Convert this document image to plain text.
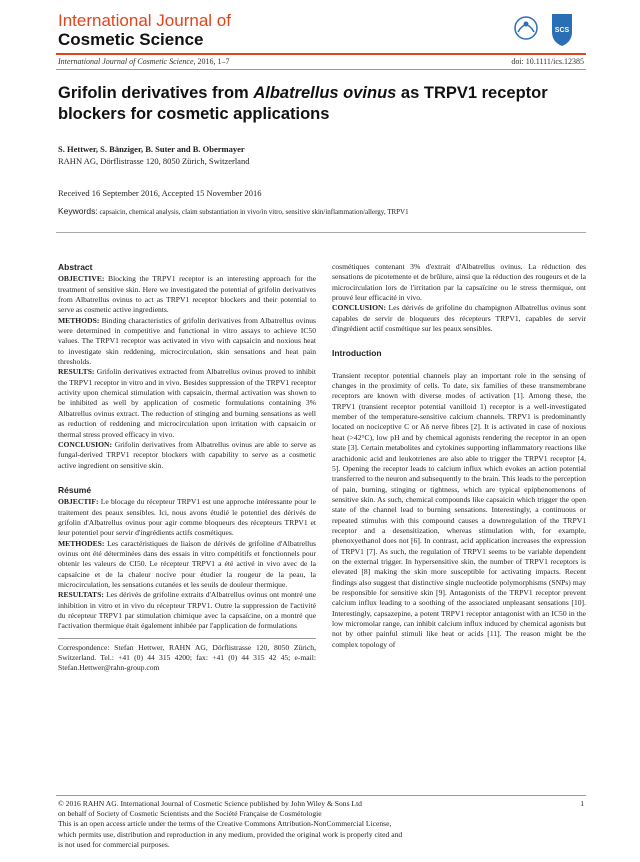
International Journal of
Cosmetic Science	SCS
International Journal of Cosmetic Science, 2016, 1–7	doi: 10.1111/ics.12385
Grifolin derivatives from Albatrellus ovinus as TRPV1 receptor blockers for cosmetic applications
S. Hettwer, S. Bänziger, B. Suter and B. Obermayer
RAHN AG, Dörflistrasse 120, 8050 Zürich, Switzerland
Received 16 September 2016, Accepted 15 November 2016
Keywords: capsaicin, chemical analysis, claim substantiation in vivo/in vitro, sensitive skin/inflammation/allergy, TRPV1
Abstract

OBJECTIVE: Blocking the TRPV1 receptor is an interesting approach for the treatment of sensitive skin. Here we investigated the potential of grifolin derivatives from Albatrellus ovinus to act as TRPV1 receptor blockers and their potential to serve as cosmetic active ingredients.

METHODS: Binding characteristics of grifolin derivatives from Albatrellus ovinus were determined in competitive and functional in vitro assays to achieve IC50 values. The TRPV1 receptor was activated in vivo with capsaicin and noxious heat to investigate skin reddening, microcirculation, skin sensations and heat pain thresholds.

RESULTS: Grifolin derivatives extracted from Albatrellus ovinus proved to inhibit the TRPV1 receptor in vitro and in vivo. Besides suppression of the TRPV1 receptor activity upon chemical stimulation with capsaicin, thermal activation was shown to be inhibited as well by application of cosmetic formulations containing 3% Albatrellus ovinus extract. The reduction of stinging and burning sensations as well as reduction of reddening and microcirculation upon irritation with capsaicin or thermal stress proved efficacy in vivo.

CONCLUSION: Grifolin derivatives from Albatrellus ovinus are able to serve as fungal-derived TRPV1 receptor blockers with capability to serve as a cosmetic active ingredient on sensitive skin.

Résumé

OBJECTIF: Le blocage du récepteur TRPV1 est une approche intéressante pour le traitement des peaux sensibles. Ici, nous avons étudié le potentiel des dérivés de grifolin d'Albatrellus ovinus pour agir comme bloqueurs des récepteurs TRPV1 et leur potentiel pour servir d'ingrédients actifs cosmétiques.

METHODES: Les caractéristiques de liaison de dérivés de grifoline d'Albatrellus ovinus ont été déterminées dans des essais in vitro compétitifs et fonctionnels pour obtenir les valeurs de CI50. Le récepteur TRPV1 a été activé in vivo avec de la capsaïcine et de la chaleur nocive pour étudier la rougeur de la peau, la microcirculation, les sensations cutanées et les seuils de douleur thermique.

RESULTATS: Les dérivés de grifoline extraits d'Albatrellus ovinus ont montré une inhibition in vitro et in vivo du récepteur TRPV1. Outre la suppression de l'activité du récepteur TRPV1 par stimulation chimique avec la capsaïcine, on a montré que l'activation thermique était également inhibée par l'application de formulations

Correspondence: Stefan Hettwer, RAHN AG, Dörflistrasse 120, 8050 Zürich, Switzerland. Tel.: +41 (0) 44 315 4200; fax: +41 (0) 44 315 42 45; e-mail: Stefan.Hettwer@rahn-group.com

cosmétiques contenant 3% d'extrait d'Albatrellus ovinus. La réduction des sensations de picotemente et de brûlure, ainsi que la réduction des rougeurs et de la microcirculation lors de l'irritation par la capsaïcine ou le stress thermique, ont prouvé leur efficacité in vivo.

CONCLUSION: Les dérivés de grifoline du champignon Albatrellus ovinus sont capables de servir de bloqueurs des récepteurs TRPV1, capables de servir d'ingrédient actif cosmétique sur les peaux sensibles.

Introduction

Transient receptor potential channels play an important role in the sensing of changes in the proximity of cells. To date, six families of these transmembrane receptors are known with diverse modes of activation [1]. Among these, the TRPV1 (transient receptor potential vanilloid 1) receptor is a well-investigated member of the temperature-sensitive calcium channels. TRPV1 is predominantly located on nociceptive C or Aδ nerve fibres [2]. It is activated in case of noxious heat (>42°C), low pH and by chemical agonists rendering the receptor in an open state [3]. Certain metabolites and cytokines supporting inflammatory reactions like arachidonic acid and leukotrienes are also able to trigger the TRPV1 receptor [4, 5]. Opening the receptor leads to calcium influx which evokes an action potential transferred to the neuron and subsequently to the brain. This leads to the perception of pain, burning, stinging or tightness, which are typical epiphenomenons of sensitive skin. As such, chemical compounds like capsaicin which trigger the open state of the channel lead to burning sensations. Interestingly, a continuous or repeated stimulus with this compound causes a downregulation of the TRPV1 receptor and a desensitization, whereas stimulation with, for example, phenoxyethanol does not [6]. In contrast, acid application increases the expression of TRPV1 [7]. As such, the regulation of TRPV1 seems to be variable dependent on the external trigger. In hypersensitive skin, the number of TRPV1 receptors is elevated [8] making the skin more susceptible for activating impacts. Recent findings also suggest that distinctive single nucleotide polymorphisms (SNPs) may be responsible for sensitive skin [9]. Antagonists of the TRPV1 receptor prevent calcium influx leading to a soothing of the associated unpleasant sensations [10]. Interestingly, capsazepine, a potent TRPV1 receptor antagonist with an IC50 in the low micromolar range, can inhibit calcium influx induced by chemical agonists but not by other painful stimuli like heat or acids [11]. The reason might be the complex topology of

© 2016 RAHN AG. International Journal of Cosmetic Science published by John Wiley & Sons Ltd
on behalf of Society of Cosmetic Scientists and the Société Française de Cosmétologie
This is an open access article under the terms of the Creative Commons Attribution-NonCommercial License,
which permits use, distribution and reproduction in any medium, provided the original work is properly cited and
is not used for commercial purposes.
1
